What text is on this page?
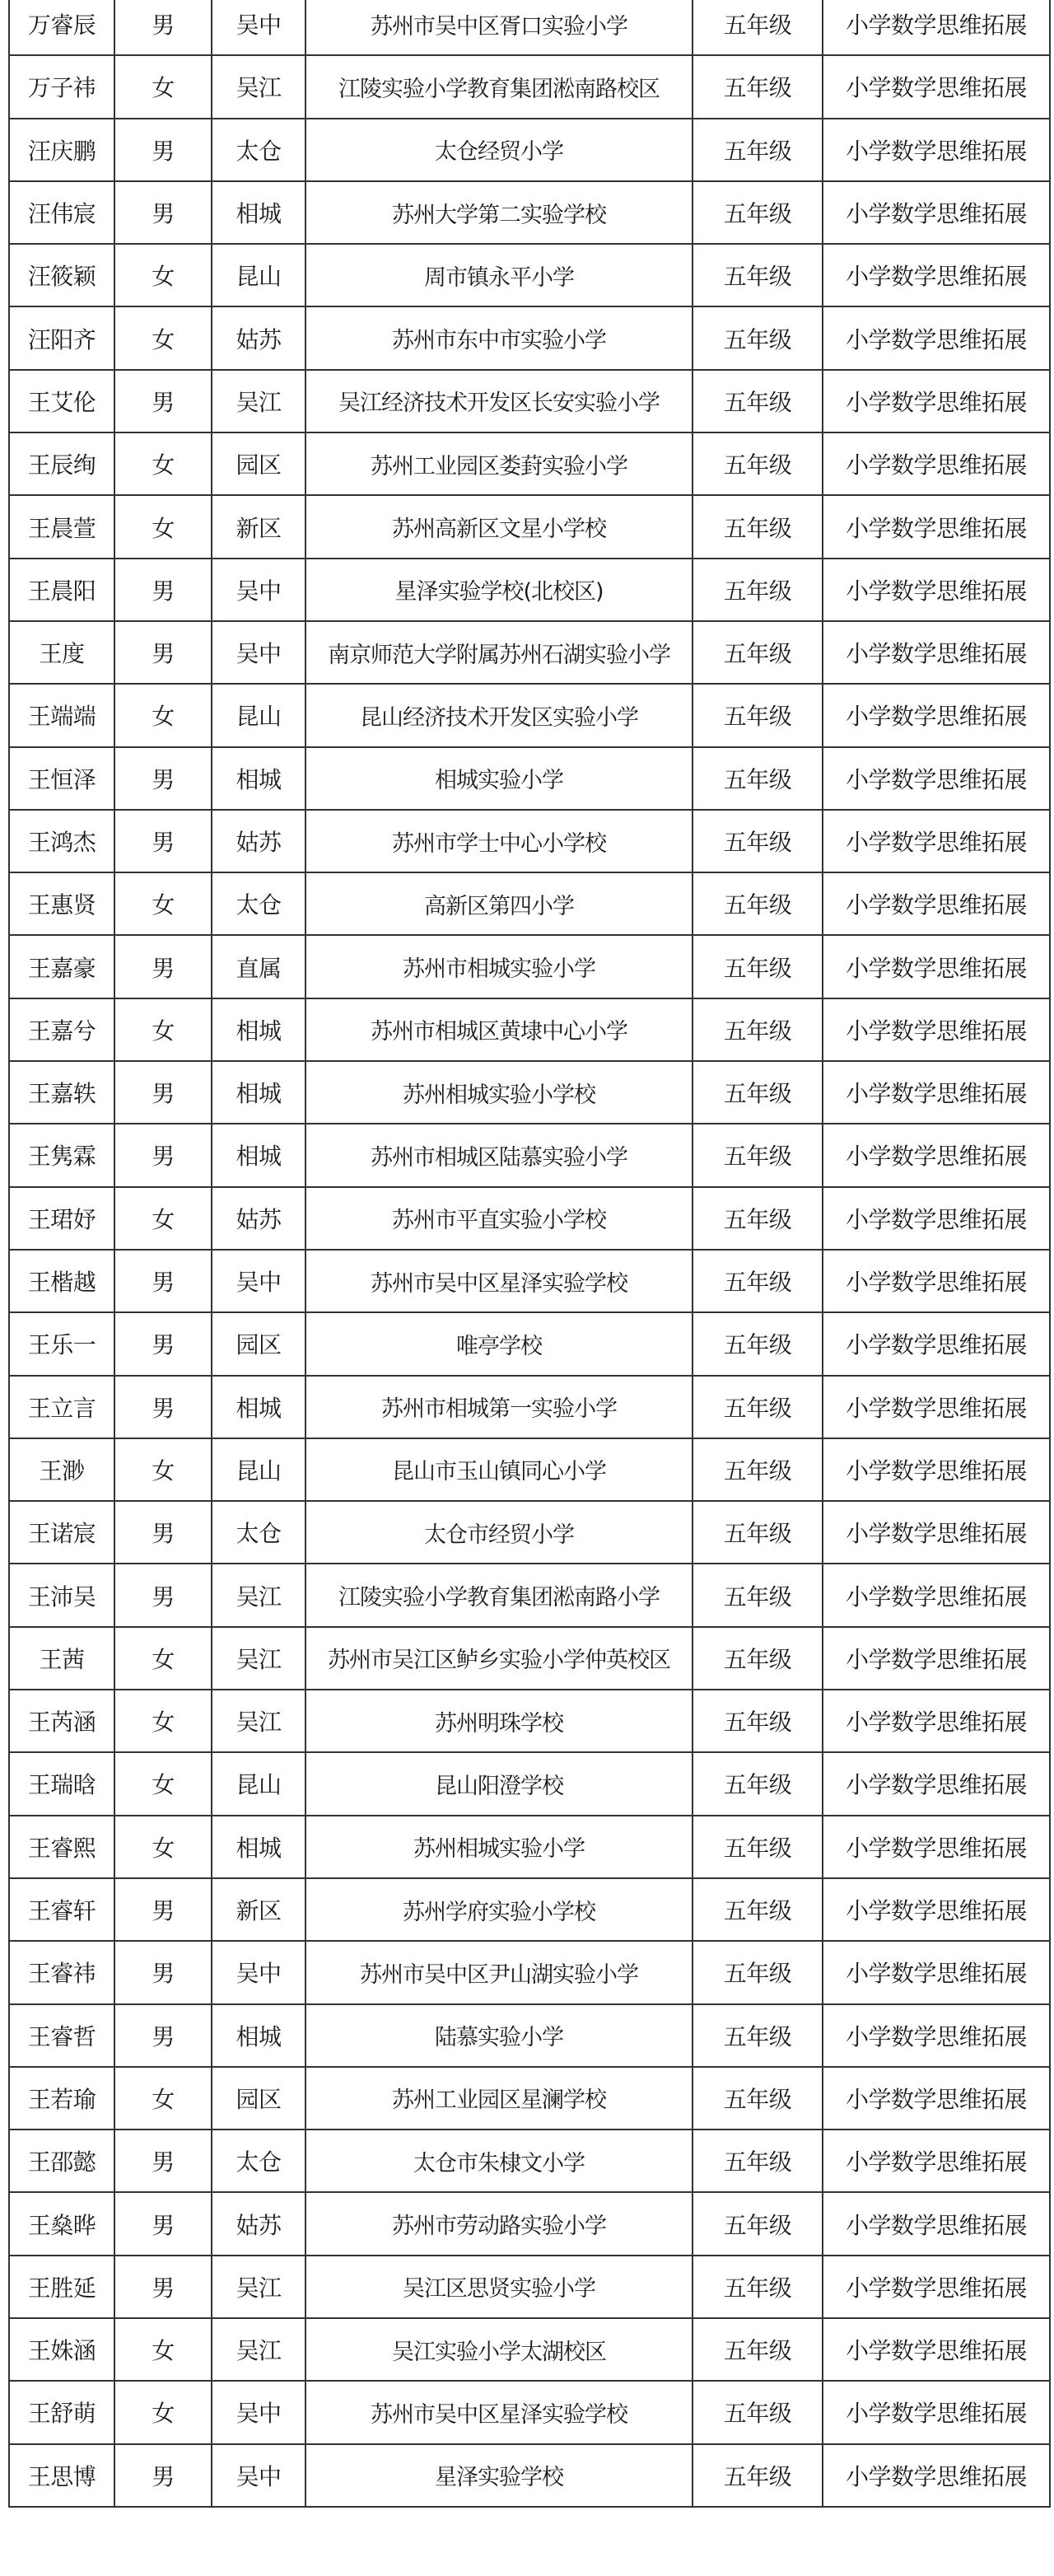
万睿辰	男	吴中	苏州市吴中区胥口实验小学	五年级	小学数学思维拓展
万子祎	女	吴江	江陵实验小学教育集团淞南路校区	五年级	小学数学思维拓展
汪庆鹏	男	太仓	太仓经贸小学	五年级	小学数学思维拓展
汪伟宸	男	相城	苏州大学第二实验学校	五年级	小学数学思维拓展
汪筱颖	女	昆山	周市镇永平小学	五年级	小学数学思维拓展
汪阳齐	女	姑苏	苏州市东中市实验小学	五年级	小学数学思维拓展
王艾伦	男	吴江	吴江经济技术开发区长安实验小学	五年级	小学数学思维拓展
王辰绚	女	园区	苏州工业园区娄葑实验小学	五年级	小学数学思维拓展
王晨萱	女	新区	苏州高新区文星小学校	五年级	小学数学思维拓展
王晨阳	男	吴中	星泽实验学校(北校区)	五年级	小学数学思维拓展
王度	男	吴中	南京师范大学附属苏州石湖实验小学	五年级	小学数学思维拓展
王端端	女	昆山	昆山经济技术开发区实验小学	五年级	小学数学思维拓展
王恒泽	男	相城	相城实验小学	五年级	小学数学思维拓展
王鸿杰	男	姑苏	苏州市学士中心小学校	五年级	小学数学思维拓展
王惠贤	女	太仓	高新区第四小学	五年级	小学数学思维拓展
王嘉豪	男	直属	苏州市相城实验小学	五年级	小学数学思维拓展
王嘉兮	女	相城	苏州市相城区黄埭中心小学	五年级	小学数学思维拓展
王嘉轶	男	相城	苏州相城实验小学校	五年级	小学数学思维拓展
王隽霖	男	相城	苏州市相城区陆慕实验小学	五年级	小学数学思维拓展
王珺妤	女	姑苏	苏州市平直实验小学校	五年级	小学数学思维拓展
王楷越	男	吴中	苏州市吴中区星泽实验学校	五年级	小学数学思维拓展
王乐一	男	园区	唯亭学校	五年级	小学数学思维拓展
王立言	男	相城	苏州市相城第一实验小学	五年级	小学数学思维拓展
王渺	女	昆山	昆山市玉山镇同心小学	五年级	小学数学思维拓展
王诺宸	男	太仓	太仓市经贸小学	五年级	小学数学思维拓展
王沛吴	男	吴江	江陵实验小学教育集团淞南路小学	五年级	小学数学思维拓展
王茜	女	吴江	苏州市吴江区鲈乡实验小学仲英校区	五年级	小学数学思维拓展
王芮涵	女	吴江	苏州明珠学校	五年级	小学数学思维拓展
王瑞晗	女	昆山	昆山阳澄学校	五年级	小学数学思维拓展
王睿熙	女	相城	苏州相城实验小学	五年级	小学数学思维拓展
王睿轩	男	新区	苏州学府实验小学校	五年级	小学数学思维拓展
王睿祎	男	吴中	苏州市吴中区尹山湖实验小学	五年级	小学数学思维拓展
王睿哲	男	相城	陆慕实验小学	五年级	小学数学思维拓展
王若瑜	女	园区	苏州工业园区星澜学校	五年级	小学数学思维拓展
王邵懿	男	太仓	太仓市朱棣文小学	五年级	小学数学思维拓展
王燊晔	男	姑苏	苏州市劳动路实验小学	五年级	小学数学思维拓展
王胜延	男	吴江	吴江区思贤实验小学	五年级	小学数学思维拓展
王姝涵	女	吴江	吴江实验小学太湖校区	五年级	小学数学思维拓展
王舒萌	女	吴中	苏州市吴中区星泽实验学校	五年级	小学数学思维拓展
王思博	男	吴中	星泽实验学校	五年级	小学数学思维拓展
